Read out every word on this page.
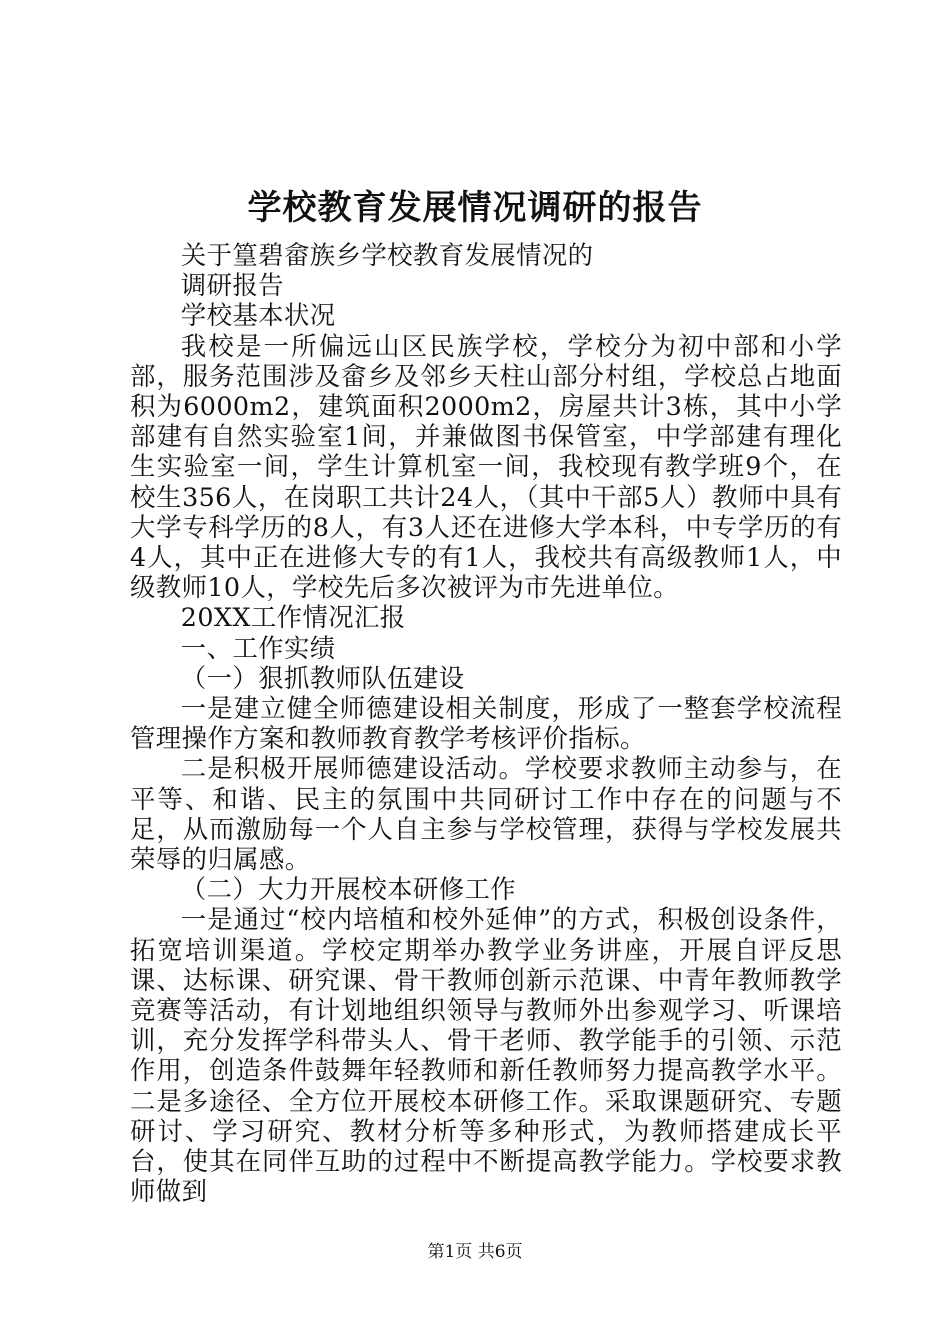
学校教育发展情况调研的报告

关于篁碧畲族乡学校教育发展情况的

调研报告

学校基本状况

我校是一所偏远山区民族学校，学校分为初中部和小学部，服务范围涉及畲乡及邻乡天柱山部分村组，学校总占地面积为6000m2，建筑面积2000m2，房屋共计3栋，其中小学部建有自然实验室1间，并兼做图书保管室，中学部建有理化生实验室一间，学生计算机室一间，我校现有教学班9个，在校生356人，在岗职工共计24人，（其中干部5人）教师中具有大学专科学历的8人，有3人还在进修大学本科，中专学历的有4人，其中正在进修大专的有1人，我校共有高级教师1人，中级教师10人，学校先后多次被评为市先进单位。

20XX工作情况汇报

一、工作实绩

（一）狠抓教师队伍建设

一是建立健全师德建设相关制度，形成了一整套学校流程管理操作方案和教师教育教学考核评价指标。

二是积极开展师德建设活动。学校要求教师主动参与，在平等、和谐、民主的氛围中共同研讨工作中存在的问题与不足，从而激励每一个人自主参与学校管理，获得与学校发展共荣辱的归属感。

（二）大力开展校本研修工作

一是通过“校内培植和校外延伸”的方式，积极创设条件，拓宽培训渠道。学校定期举办教学业务讲座，开展自评反思课、达标课、研究课、骨干教师创新示范课、中青年教师教学竞赛等活动，有计划地组织领导与教师外出参观学习、听课培训，充分发挥学科带头人、骨干老师、教学能手的引领、示范作用，创造条件鼓舞年轻教师和新任教师努力提高教学水平。二是多途径、全方位开展校本研修工作。采取课题研究、专题研讨、学习研究、教材分析等多种形式，为教师搭建成长平台，使其在同伴互助的过程中不断提高教学能力。学校要求教师做到

第1页 共6页
